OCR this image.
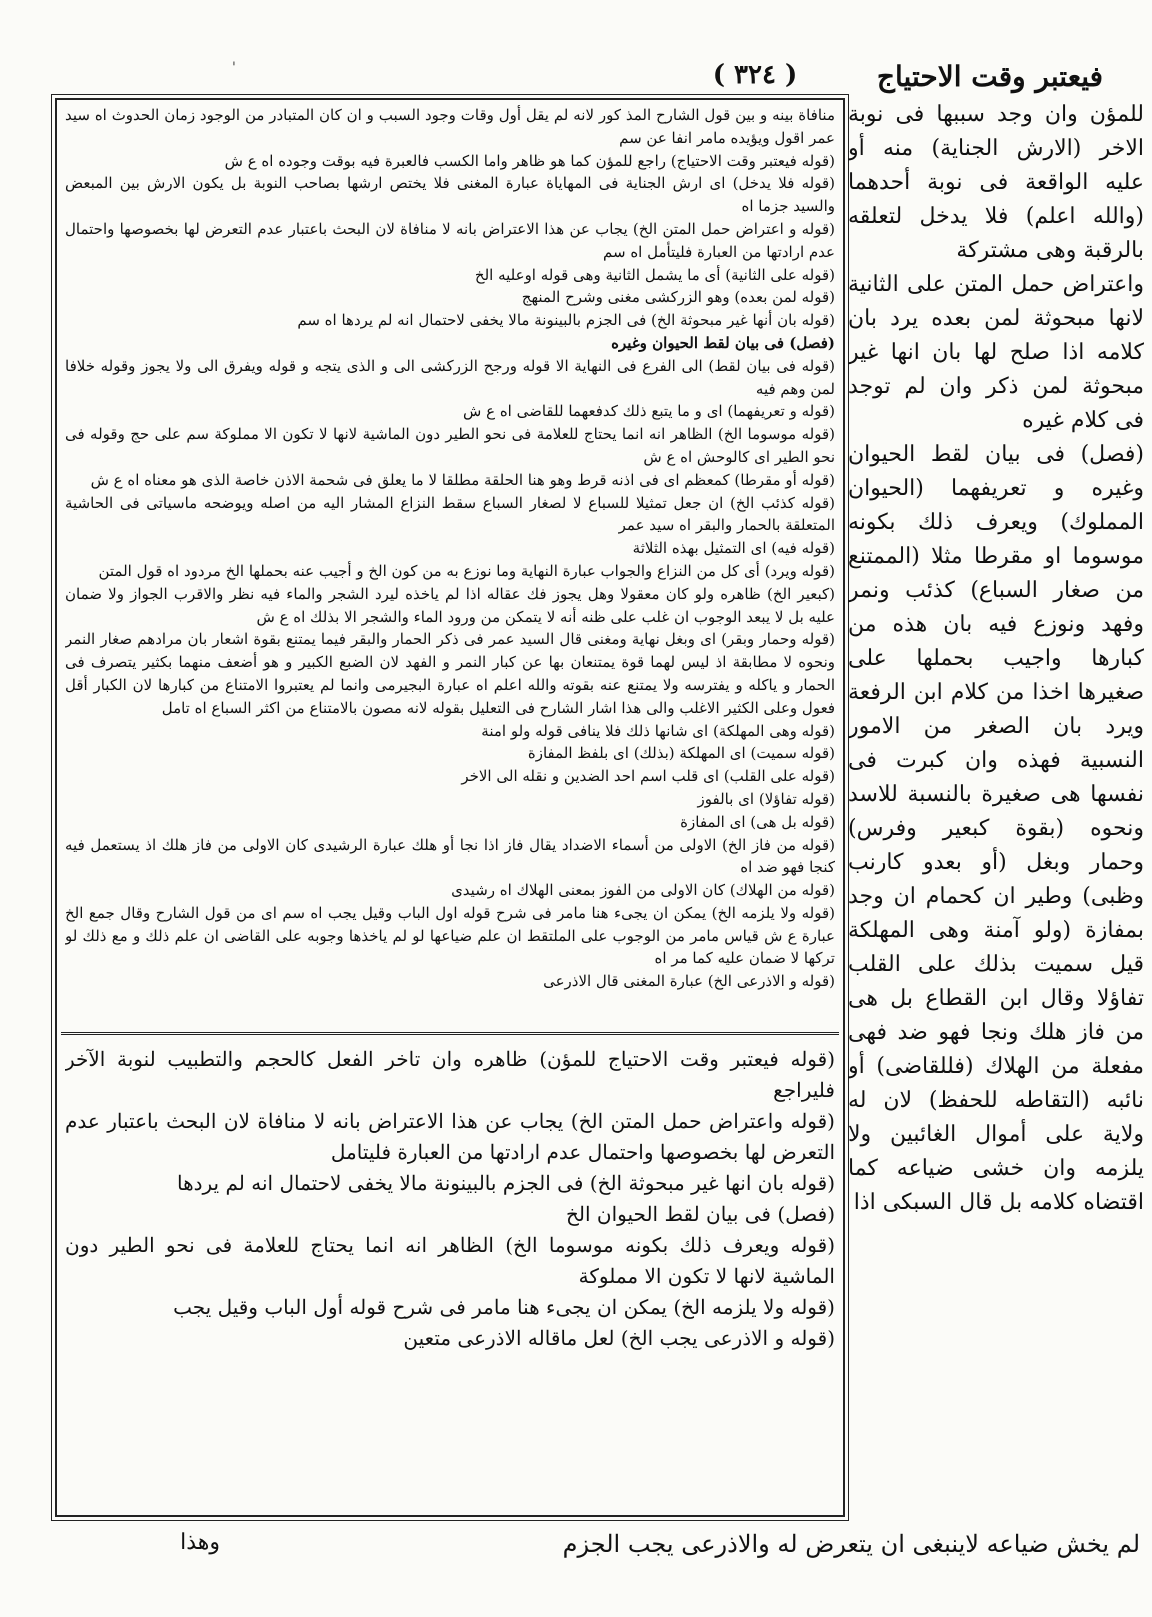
'	( ٣٢٤ )	فيعتبر وقت الاحتياج

منافاة بينه و بين قول الشارح المذ كور لانه لم يقل أول وقات وجود السبب و ان كان المتبادر من الوجود زمان الحدوث اه سيد عمر اقول ويؤيده مامر انفا عن سم

(قوله فيعتبر وقت الاحتياج) راجع للمؤن كما هو ظاهر واما الكسب فالعبرة فيه بوقت وجوده اه ع ش

(قوله فلا يدخل) اى ارش الجناية فى المهاياة عبارة المغنى فلا يختص ارشها بصاحب النوبة بل يكون الارش بين المبعض والسيد جزما اه

(قوله و اعتراض حمل المتن الخ) يجاب عن هذا الاعتراض بانه لا منافاة لان البحث باعتبار عدم التعرض لها بخصوصها واحتمال عدم ارادتها من العبارة فليتأمل اه سم

(قوله على الثانية) أى ما يشمل الثانية وهى قوله اوعليه الخ

(قوله لمن بعده) وهو الزركشى مغنى وشرح المنهج

(قوله بان أنها غير مبحوثة الخ) فى الجزم بالبينونة مالا يخفى لاحتمال انه لم يردها اه سم

(فصل) فى بيان لقط الحيوان وغيره

(قوله فى بيان لقط) الى الفرع فى النهاية الا قوله ورجح الزركشى الى و الذى يتجه و قوله ويفرق الى ولا يجوز وقوله خلافا لمن وهم فيه

(قوله و تعريفهما) اى و ما يتبع ذلك كدفعهما للقاضى اه ع ش

(قوله موسوما الخ) الظاهر انه انما يحتاج للعلامة فى نحو الطير دون الماشية لانها لا تكون الا مملوكة سم على حج وقوله فى نحو الطير اى كالوحش اه ع ش

(قوله أو مقرطا) كمعظم اى فى اذنه قرط وهو هنا الحلقة مطلقا لا ما يعلق فى شحمة الاذن خاصة الذى هو معناه اه ع ش

(قوله كذئب الخ) ان جعل تمثيلا للسباع لا لصغار السباع سقط النزاع المشار اليه من اصله ويوضحه ماسياتى فى الحاشية المتعلقة بالحمار والبقر اه سيد عمر

(قوله فيه) اى التمثيل بهذه الثلاثة

(قوله ويرد) أى كل من النزاع والجواب عبارة النهاية وما نوزع به من كون الخ و أجيب عنه بحملها الخ مردود اه قول المتن

(كبعير الخ) ظاهره ولو كان معقولا وهل يجوز فك عقاله اذا لم ياخذه ليرد الشجر والماء فيه نظر والاقرب الجواز ولا ضمان عليه بل لا يبعد الوجوب ان غلب على ظنه أنه لا يتمكن من ورود الماء والشجر الا بذلك اه ع ش

(قوله وحمار وبقر) اى وبغل نهاية ومغنى قال السيد عمر فى ذكر الحمار والبقر فيما يمتنع بقوة اشعار بان مرادهم صغار النمر ونحوه لا مطابقة اذ ليس لهما قوة يمتنعان بها عن كبار النمر و الفهد لان الضبع الكبير و هو أضعف منهما بكثير يتصرف فى الحمار و ياكله و يفترسه ولا يمتنع عنه بقوته والله اعلم اه عبارة البجيرمى وانما لم يعتبروا الامتناع من كبارها لان الكبار أقل فعول وعلى الكثير الاغلب والى هذا اشار الشارح فى التعليل بقوله لانه مصون بالامتناع من اكثر السباع اه تامل

(قوله وهى المهلكة) اى شانها ذلك فلا ينافى قوله ولو امنة

(قوله سميت) اى المهلكة (بذلك) اى بلفظ المفازة

(قوله على القلب) اى قلب اسم احد الضدين و نقله الى الاخر

(قوله تفاؤلا) اى بالفوز

(قوله بل هى) اى المفازة

(قوله من فاز الخ) الاولى من أسماء الاضداد يقال فاز اذا نجا أو هلك عبارة الرشيدى كان الاولى من فاز هلك اذ يستعمل فيه كنجا فهو ضد اه

(قوله من الهلاك) كان الاولى من الفوز بمعنى الهلاك اه رشيدى

(قوله ولا يلزمه الخ) يمكن ان يجىء هنا مامر فى شرح قوله اول الباب وقيل يجب اه سم اى من قول الشارح وقال جمع الخ عبارة ع ش قياس مامر من الوجوب على الملتقط ان علم ضياعها لو لم ياخذها وجوبه على القاضى ان علم ذلك و مع ذلك لو تركها لا ضمان عليه كما مر اه

(قوله و الاذرعى الخ) عبارة المغنى قال الاذرعى

(قوله فيعتبر وقت الاحتياج للمؤن) ظاهره وان تاخر الفعل كالحجم والتطبيب لنوبة الآخر فليراجع

(قوله واعتراض حمل المتن الخ) يجاب عن هذا الاعتراض بانه لا منافاة لان البحث باعتبار عدم التعرض لها بخصوصها واحتمال عدم ارادتها من العبارة فليتامل

(قوله بان انها غير مبحوثة الخ) فى الجزم بالبينونة مالا يخفى لاحتمال انه لم يردها

(فصل) فى بيان لقط الحيوان الخ

(قوله ويعرف ذلك بكونه موسوما الخ) الظاهر انه انما يحتاج للعلامة فى نحو الطير دون الماشية لانها لا تكون الا مملوكة

(قوله ولا يلزمه الخ) يمكن ان يجىء هنا مامر فى شرح قوله أول الباب وقيل يجب

(قوله و الاذرعى يجب الخ) لعل ماقاله الاذرعى متعين

للمؤن وان وجد سببها فى نوبة الاخر (الارش الجناية) منه أو عليه الواقعة فى نوبة أحدهما (والله اعلم) فلا يدخل لتعلقه بالرقبة وهى مشتركة

واعتراض حمل المتن على الثانية لانها مبحوثة لمن بعده يرد بان كلامه اذا صلح لها بان انها غير مبحوثة لمن ذكر وان لم توجد فى كلام غيره

(فصل) فى بيان لقط الحيوان وغيره و تعريفهما (الحيوان المملوك) ويعرف ذلك بكونه موسوما او مقرطا مثلا (الممتنع من صغار السباع) كذئب ونمر وفهد ونوزع فيه بان هذه من كبارها واجيب بحملها على صغيرها اخذا من كلام ابن الرفعة ويرد بان الصغر من الامور النسبية فهذه وان كبرت فى نفسها هى صغيرة بالنسبة للاسد ونحوه (بقوة كبعير وفرس) وحمار وبغل (أو بعدو كارنب وظبى) وطير ان كحمام ان وجد بمفازة (ولو آمنة وهى المهلكة قيل سميت بذلك على القلب تفاؤلا وقال ابن القطاع بل هى من فاز هلك ونجا فهو ضد فهى مفعلة من الهلاك (فللقاضى) أو نائبه (التقاطه للحفظ) لان له ولاية على أموال الغائبين ولا يلزمه وان خشى ضياعه كما اقتضاه كلامه بل قال السبكى اذا

لم يخش ضياعه لاينبغى ان يتعرض له والاذرعى يجب الجزم
وهذا
